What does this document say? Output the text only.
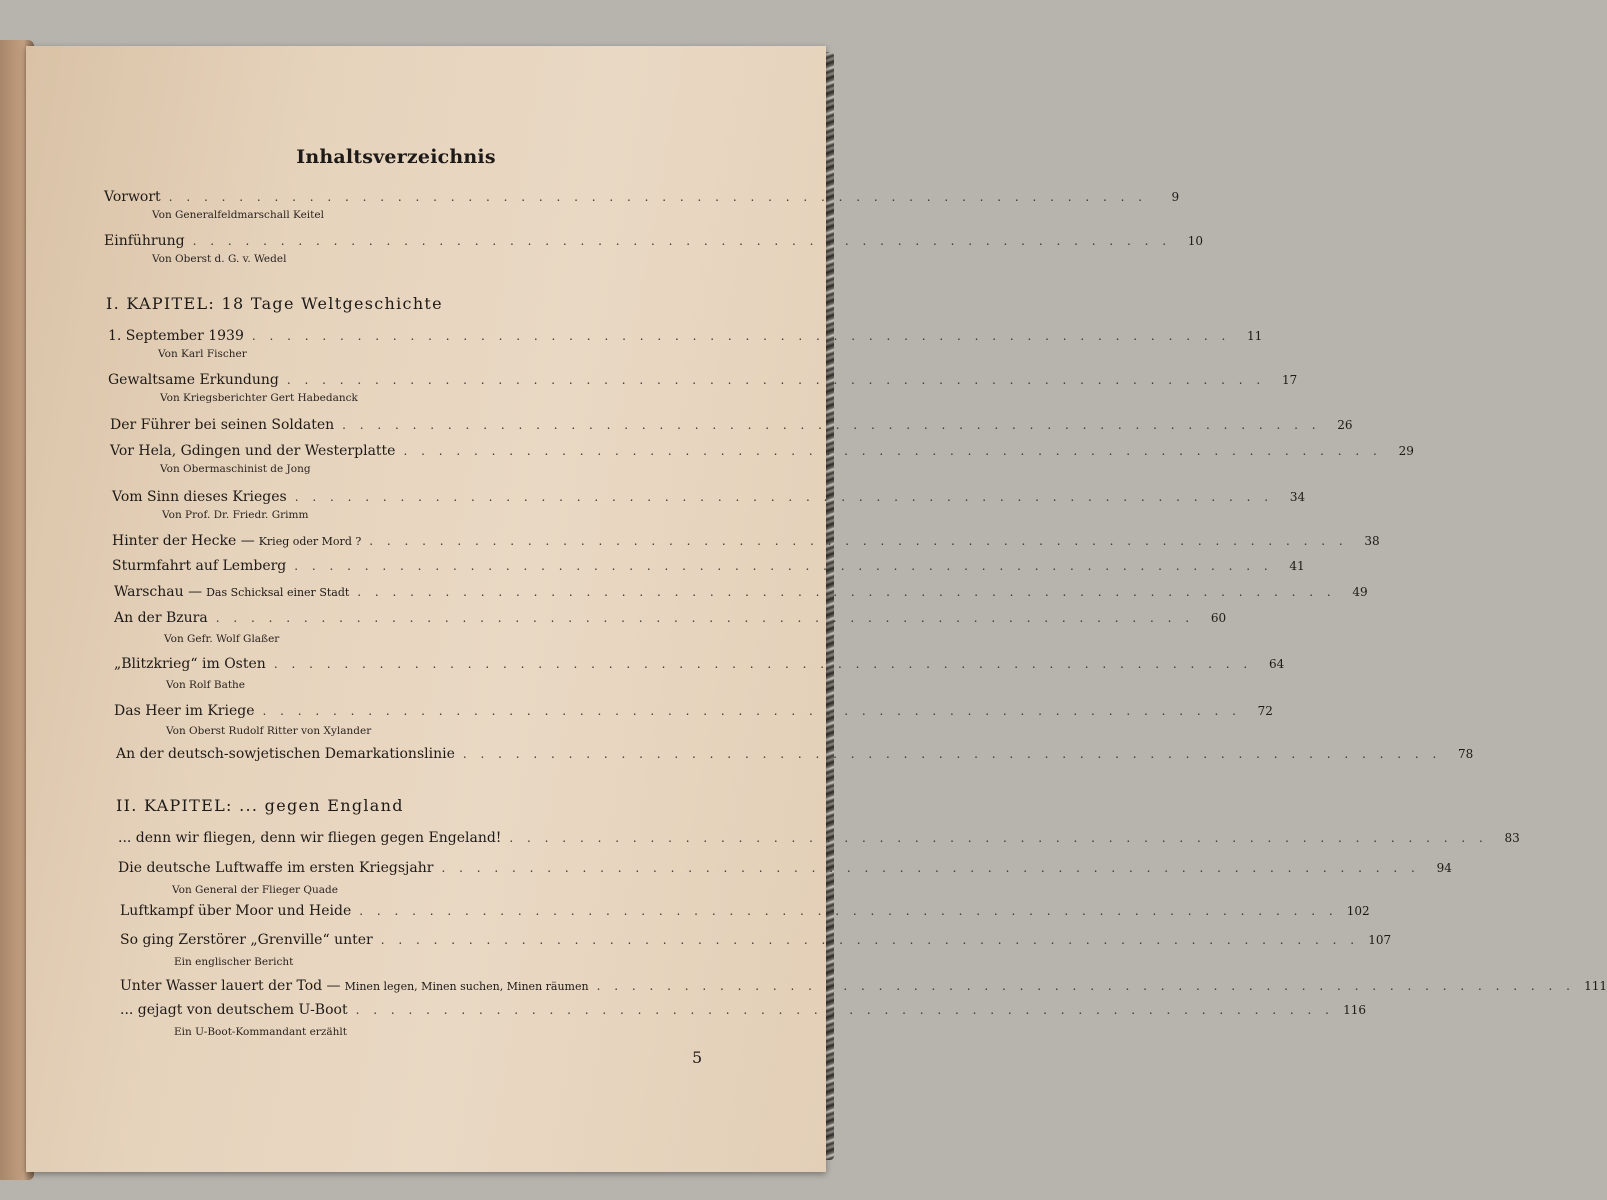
Inhaltsverzeichnis
Vorwort . . . . . . . . . . . . . . . . . . . . . . . . . . . . . . . . . . . . . . . . . . . . . . . . . . . . . . . .	9
Von Generalfeldmarschall Keitel
Einführung . . . . . . . . . . . . . . . . . . . . . . . . . . . . . . . . . . . . . . . . . . . . . . . . . . . . . . . .	10
Von Oberst d. G. v. Wedel
I. KAPITEL: 18 Tage Weltgeschichte
1. September 1939 . . . . . . . . . . . . . . . . . . . . . . . . . . . . . . . . . . . . . . . . . . . . . . . . . . . . . . . .	11
Von Karl Fischer
Gewaltsame Erkundung . . . . . . . . . . . . . . . . . . . . . . . . . . . . . . . . . . . . . . . . . . . . . . . . . . . . . . . .	17
Von Kriegsberichter Gert Habedanck
Der Führer bei seinen Soldaten . . . . . . . . . . . . . . . . . . . . . . . . . . . . . . . . . . . . . . . . . . . . . . . . . . . . . . . .	26
Vor Hela, Gdingen und der Westerplatte . . . . . . . . . . . . . . . . . . . . . . . . . . . . . . . . . . . . . . . . . . . . . . . . . . . . . . . .	29
Von Obermaschinist de Jong
Vom Sinn dieses Krieges . . . . . . . . . . . . . . . . . . . . . . . . . . . . . . . . . . . . . . . . . . . . . . . . . . . . . . . .	34
Von Prof. Dr. Friedr. Grimm
Hinter der Hecke — Krieg oder Mord ? . . . . . . . . . . . . . . . . . . . . . . . . . . . . . . . . . . . . . . . . . . . . . . . . . . . . . . . .	38
Sturmfahrt auf Lemberg . . . . . . . . . . . . . . . . . . . . . . . . . . . . . . . . . . . . . . . . . . . . . . . . . . . . . . . .	41
Warschau — Das Schicksal einer Stadt . . . . . . . . . . . . . . . . . . . . . . . . . . . . . . . . . . . . . . . . . . . . . . . . . . . . . . . .	49
An der Bzura . . . . . . . . . . . . . . . . . . . . . . . . . . . . . . . . . . . . . . . . . . . . . . . . . . . . . . . .	60
Von Gefr. Wolf Glaßer
„Blitzkrieg“ im Osten . . . . . . . . . . . . . . . . . . . . . . . . . . . . . . . . . . . . . . . . . . . . . . . . . . . . . . . .	64
Von Rolf Bathe
Das Heer im Kriege . . . . . . . . . . . . . . . . . . . . . . . . . . . . . . . . . . . . . . . . . . . . . . . . . . . . . . . .	72
Von Oberst Rudolf Ritter von Xylander
An der deutsch-sowjetischen Demarkationslinie . . . . . . . . . . . . . . . . . . . . . . . . . . . . . . . . . . . . . . . . . . . . . . . . . . . . . . . .	78
II. KAPITEL: ... gegen England
... denn wir fliegen, denn wir fliegen gegen Engeland! . . . . . . . . . . . . . . . . . . . . . . . . . . . . . . . . . . . . . . . . . . . . . . . . . . . . . . . .	83
Die deutsche Luftwaffe im ersten Kriegsjahr . . . . . . . . . . . . . . . . . . . . . . . . . . . . . . . . . . . . . . . . . . . . . . . . . . . . . . . .	94
Von General der Flieger Quade
Luftkampf über Moor und Heide . . . . . . . . . . . . . . . . . . . . . . . . . . . . . . . . . . . . . . . . . . . . . . . . . . . . . . . . 102
So ging Zerstörer „Grenville“ unter . . . . . . . . . . . . . . . . . . . . . . . . . . . . . . . . . . . . . . . . . . . . . . . . . . . . . . . . 107
Ein englischer Bericht
Unter Wasser lauert der Tod — Minen legen, Minen suchen, Minen räumen . . . . . . . . . . . . . . . . . . . . . . . . . . . . . . . . . . . . . . . . . . . . . . . . . . . . . . . . 111
... gejagt von deutschem U-Boot . . . . . . . . . . . . . . . . . . . . . . . . . . . . . . . . . . . . . . . . . . . . . . . . . . . . . . . . 116
Ein U-Boot-Kommandant erzählt
5
